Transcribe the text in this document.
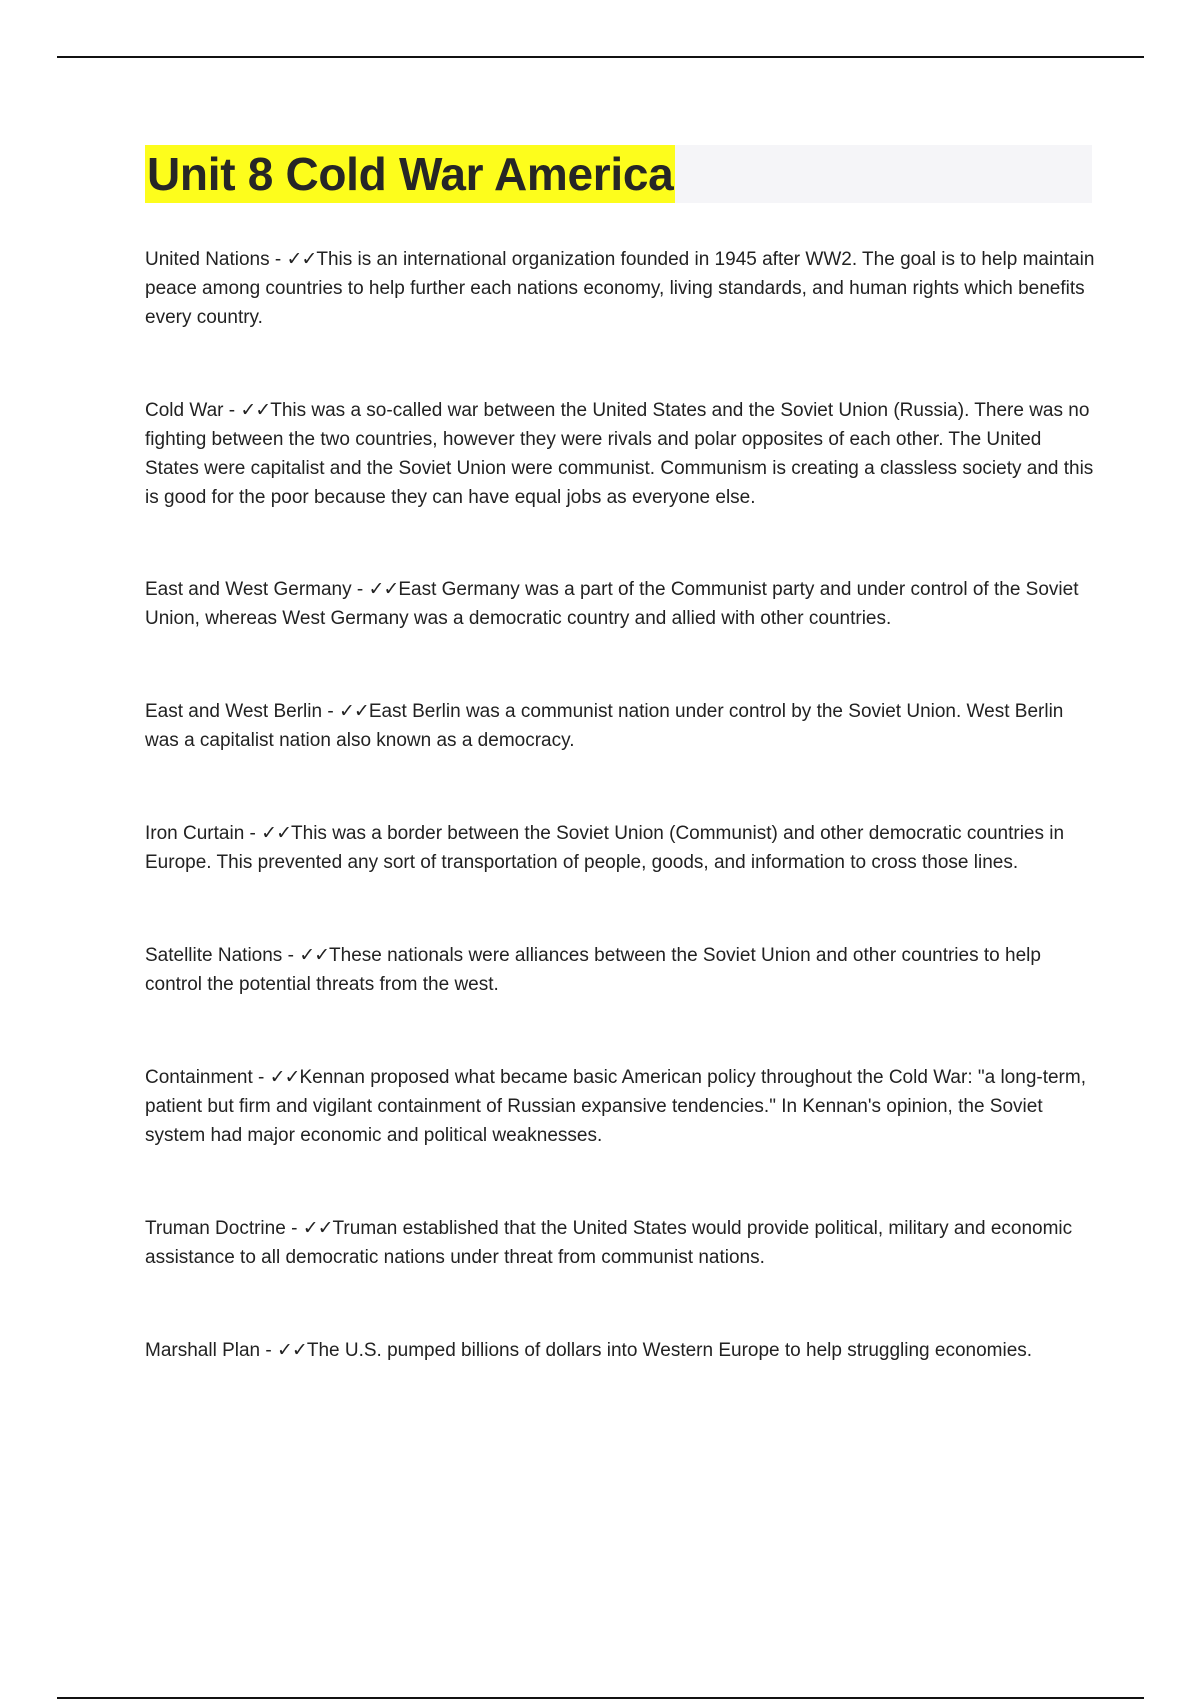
Unit 8 Cold War America

United Nations - ✓✓This is an international organization founded in 1945 after WW2. The goal is to help maintain peace among countries to help further each nations economy, living standards, and human rights which benefits every country.

Cold War - ✓✓This was a so-called war between the United States and the Soviet Union (Russia). There was no fighting between the two countries, however they were rivals and polar opposites of each other. The United States were capitalist and the Soviet Union were communist. Communism is creating a classless society and this is good for the poor because they can have equal jobs as everyone else.

East and West Germany - ✓✓East Germany was a part of the Communist party and under control of the Soviet Union, whereas West Germany was a democratic country and allied with other countries.

East and West Berlin - ✓✓East Berlin was a communist nation under control by the Soviet Union. West Berlin was a capitalist nation also known as a democracy.

Iron Curtain - ✓✓This was a border between the Soviet Union (Communist) and other democratic countries in Europe. This prevented any sort of transportation of people, goods, and information to cross those lines.

Satellite Nations - ✓✓These nationals were alliances between the Soviet Union and other countries to help control the potential threats from the west.

Containment - ✓✓Kennan proposed what became basic American policy throughout the Cold War: "a long-term, patient but firm and vigilant containment of Russian expansive tendencies." In Kennan's opinion, the Soviet system had major economic and political weaknesses.

Truman Doctrine - ✓✓Truman established that the United States would provide political, military and economic assistance to all democratic nations under threat from communist nations.

Marshall Plan - ✓✓The U.S. pumped billions of dollars into Western Europe to help struggling economies.
